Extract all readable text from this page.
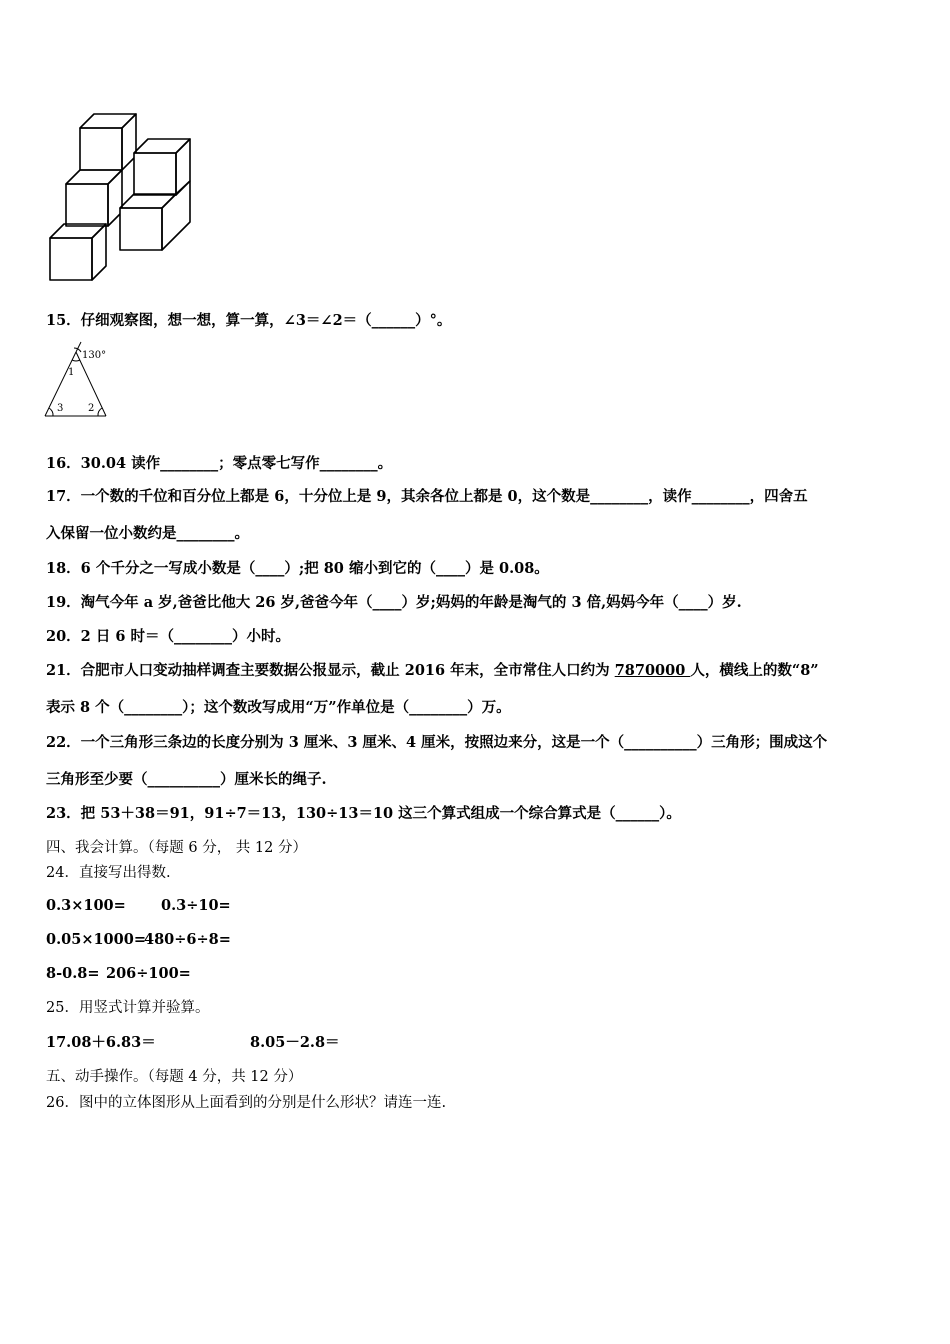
15．仔细观察图，想一想，算一算，∠3＝∠2＝（______）°。
130°
1
3 2
16．30.04 读作________；零点零七写作________。
17．一个数的千位和百分位上都是 6，十分位上是 9，其余各位上都是 0，这个数是________，读作________，四舍五
入保留一位小数约是________。
18．6 个千分之一写成小数是（____）;把 80 缩小到它的（____）是 0.08。
19．淘气今年 a 岁,爸爸比他大 26 岁,爸爸今年（____）岁;妈妈的年龄是淘气的 3 倍,妈妈今年（____）岁.
20．2 日 6 时＝（________）小时。
21．合肥市人口变动抽样调查主要数据公报显示，截止 2016 年末，全市常住人口约为 7870000 人，横线上的数“8”
表示 8 个（________）；这个数改写成用“万”作单位是（________）万。
22．一个三角形三条边的长度分别为 3 厘米、3 厘米、4 厘米，按照边来分，这是一个（__________）三角形；围成这个
三角形至少要（__________）厘米长的绳子.
23．把 53＋38＝91，91÷7＝13，130÷13＝10 这三个算式组成一个综合算式是（______）。
四、我会计算。（每题 6 分， 共 12 分）
24．直接写出得数.
0.3×100= 0.3÷10=
0.05×1000=
480÷6÷8=
8-0.8= 206÷100=
25．用竖式计算并验算。
17.08＋6.83＝	8.05－2.8＝
五、动手操作。（每题 4 分，共 12 分）
26．图中的立体图形从上面看到的分别是什么形状？请连一连.
